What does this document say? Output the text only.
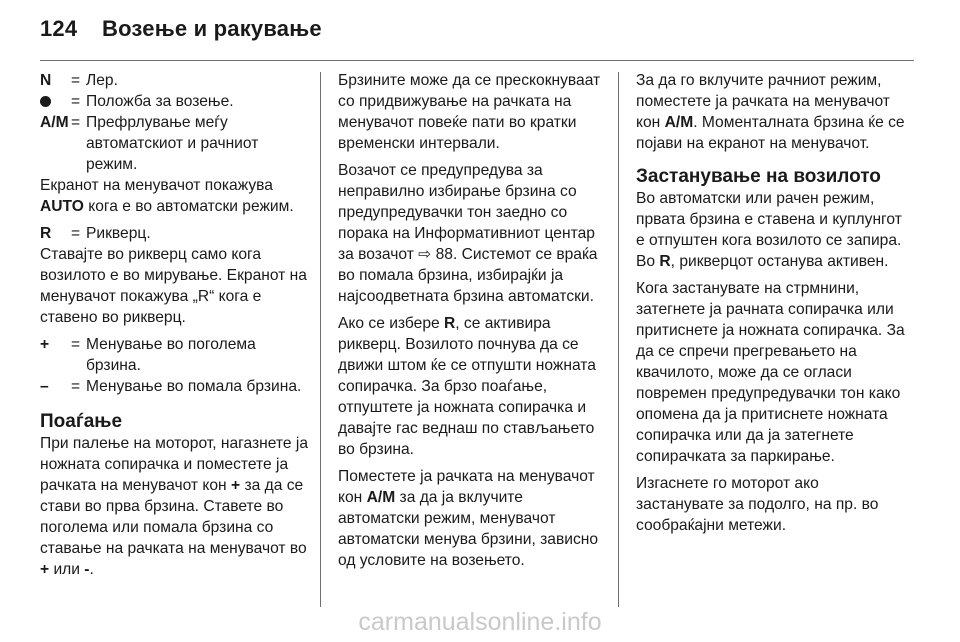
124 Возење и ракување
N	= Лер.
= Положба за возење.
A/M = Префрлување меѓу автоматскиот и рачниот режим.

Екранот на менувачот покажува AUTO кога е во автоматски режим.

R	= Рикверц.

Ставајте во рикверц само кога возилото е во мирување. Екранот на менувачот покажува „R“ кога е ставено во рикверц.

+	= Менување во поголема брзина.
–	= Менување во помала брзина.
Поаѓање

При палење на моторот, нагазнете ја ножната сопирачка и поместете ја рачката на менувачот кон + за да се стави во прва брзина. Ставете во поголема или помала брзина со ставање на рачката на менувачот во + или -.

Брзините може да се прескокнуваат со придвижување на рачката на менувачот повеќе пати во кратки временски интервали.

Возачот се предупредува за неправилно избирање брзина со предупредувачки тон заедно со порака на Информативниот центар за возачот ⇨ 88. Системот се враќа во помала брзина, избирајќи ја најсоодветната брзина автоматски.

Ако се избере R, се активира рикверц. Возилото почнува да се движи штом ќе се отпушти ножната сопирачка. За брзо поаѓање, отпуштете ја ножната сопирачка и давајте гас веднаш по стављањето во брзина.

Поместете ја рачката на менувачот кон A/M за да ја вклучите автоматски режим, менувачот автоматски менува брзини, зависно од условите на возењето.

За да го вклучите рачниот режим, поместете ја рачката на менувачот кон A/M. Моменталната брзина ќе се појави на екранот на менувачот.

Застанување на возилото

Во автоматски или рачен режим, првата брзина е ставена и куплунгот е отпуштен кога возилото се запира. Во R, рикверцот останува активен.

Кога застанувате на стрмнини, затегнете ја рачната сопирачка или притиснете ја ножната сопирачка. За да се спречи прегревањето на квачилото, може да се огласи повремен предупредувачки тон како опомена да ја притиснете ножната сопирачка или да ја затегнете сопирачката за паркирање.

Изгаснете го моторот ако застанувате за подолго, на пр. во сообраќајни метежи.

carmanualsonline.info
